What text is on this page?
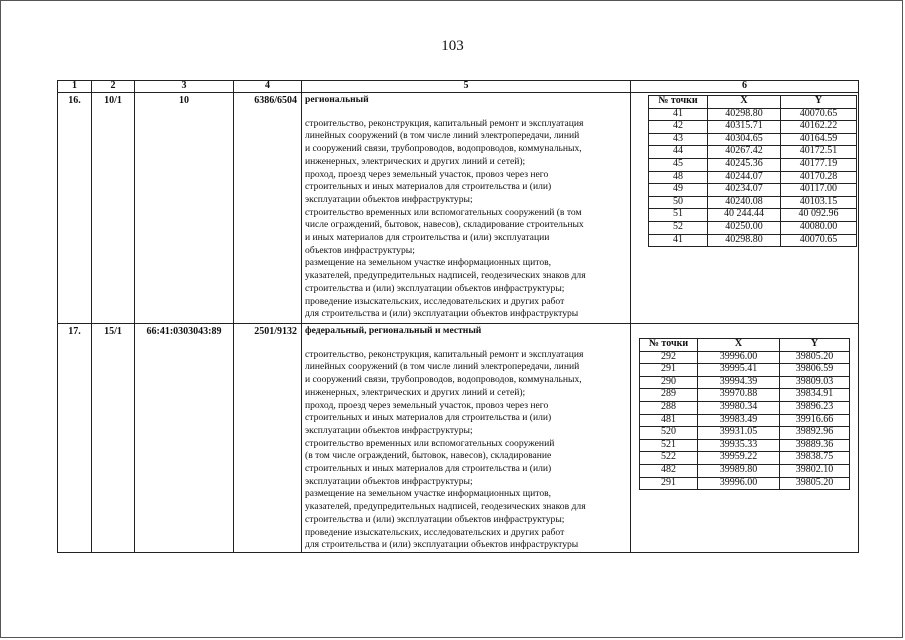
103
1	2	3	4	5	6
16.	10/1	10	6386/6504	региональный
строительство, реконструкция, капитальный ремонт и эксплуатация
линейных сооружений (в том числе линий электропередачи, линий
и сооружений связи, трубопроводов, водопроводов, коммунальных,
инженерных, электрических и других линий и сетей);
проход, проезд через земельный участок, провоз через него
строительных и иных материалов для строительства и (или)
эксплуатации объектов инфраструктуры;
строительство временных или вспомогательных сооружений (в том
числе ограждений, бытовок, навесов), складирование строительных
и иных материалов для строительства и (или) эксплуатации
объектов инфраструктуры;
размещение на земельном участке информационных щитов,
указателей, предупредительных надписей, геодезических знаков для
строительства и (или) эксплуатации объектов инфраструктуры;
проведение изыскательских, исследовательских и других работ
для строительства и (или) эксплуатации объектов инфраструктуры

№ точки	X	Y
41	40298.80	40070.65
42	40315.71	40162.22
43	40304.65	40164.59
44	40267.42	40172.51
45	40245.36	40177.19
48	40244.07	40170.28
49	40234.07	40117.00
50	40240.08	40103.15
51	40 244.44	40 092.96
52	40250.00	40080.00
41	40298.80	40070.65

17.	15/1	66:41:0303043:89	2501/9132	федеральный, региональный и местный
строительство, реконструкция, капитальный ремонт и эксплуатация
линейных сооружений (в том числе линий электропередачи, линий
и сооружений связи, трубопроводов, водопроводов, коммунальных,
инженерных, электрических и других линий и сетей);
проход, проезд через земельный участок, провоз через него
строительных и иных материалов для строительства и (или)
эксплуатации объектов инфраструктуры;
строительство временных или вспомогательных сооружений
(в том числе ограждений, бытовок, навесов), складирование
строительных и иных материалов для строительства и (или)
эксплуатации объектов инфраструктуры;
размещение на земельном участке информационных щитов,
указателей, предупредительных надписей, геодезических знаков для
строительства и (или) эксплуатации объектов инфраструктуры;
проведение изыскательских, исследовательских и других работ
для строительства и (или) эксплуатации объектов инфраструктуры

№ точки	X	Y
292	39996.00	39805.20
291	39995.41	39806.59
290	39994.39	39809.03
289	39970.88	39834.91
288	39980.34	39896.23
481	39983.49	39916.66
520	39931.05	39892.96
521	39935.33	39889.36
522	39959.22	39838.75
482	39989.80	39802.10
291	39996.00	39805.20
